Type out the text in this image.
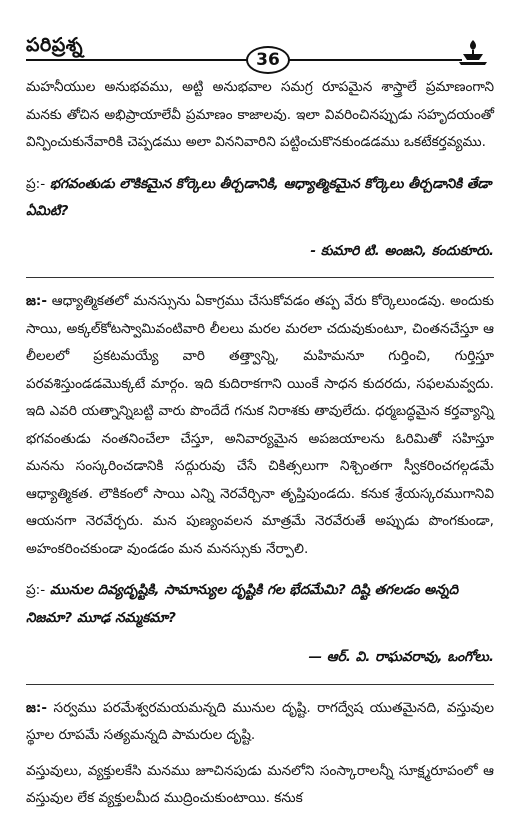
పరిప్రశ్న
36

మహనీయుల అనుభవము, అట్టి అనుభవాల సమగ్ర రూపమైన శాస్త్రాలే ప్రమాణంగాని మనకు తోచిన అభిప్రాయాలేవీ ప్రమాణం కాజాలవు. ఇలా వివరించినప్పుడు సహృదయంతో విన్పించుకునేవారికి చెప్పడము అలా విననివారిని పట్టించుకొనకుండడము ఒకటేకర్తవ్యము.

ప్ర:- భగవంతుడు లౌకికమైన కోర్కెలు తీర్చడానికి, ఆధ్యాత్మికమైన కోర్కెలు తీర్చడానికి తేడా ఏమిటి?

- కుమారి టి. అంజని, కందుకూరు.

జ:- ఆధ్యాత్మికతలో మనస్సును ఏకాగ్రము చేసుకోవడం తప్ప వేరు కోర్కెలుండవు. అందుకు సాయి, అక్కల్‌కోటస్వామివంటివారి లీలలు మరల మరలా చదువుకుంటూ, చింతనచేస్తూ ఆ లీలలలో ప్రకటమయ్యే వారి తత్త్వాన్ని, మహిమనూ గుర్తించి, గుర్తిస్తూ పరవశిస్తుండడమొక్కటే మార్గం. ఇది కుదిరాకగాని యింకే సాధన కుదరదు, సఫలమవ్వదు. ఇది ఎవరి యత్నాన్నిబట్టి వారు పొందేదే గనుక నిరాశకు తావులేదు. ధర్మబద్ధమైన కర్తవ్యాన్ని భగవంతుడు నంతనించేలా చేస్తూ, అనివార్యమైన అపజయాలను ఓరిమితో సహిస్తూ మనను సంస్కరించడానికి సద్గురువు చేసే చికిత్సలుగా నిశ్చింతగా స్వీకరించగల్గడమే ఆధ్యాత్మికత. లౌకికంలో సాయి ఎన్ని నెరవేర్చినా తృప్తిపుండదు. కనుక శ్రేయస్కరముగానివి ఆయనగా నెరవేర్చరు. మన పుణ్యంవలన మాత్రమే నెరవేరుతే అప్పుడు పొంగకుండా, అహంకరించకుండా వుండడం మన మనస్సుకు నేర్పాలి.

ప్ర:- మునుల దివ్యదృష్టికి, సామాన్యుల దృష్టికి గల భేదమేమి? దిష్టి తగలడం అన్నది నిజమా? మూఢ నమ్మకమా?

— ఆర్. వి. రాఘవరావు, ఒంగోలు.

జ:- సర్వము పరమేశ్వరమయమన్నది మునుల దృష్టి. రాగద్వేష యుతమైనది, వస్తువుల స్థూల రూపమే సత్యమన్నది పామరుల దృష్టి.

వస్తువులు, వ్యక్తులకేసి మనము జూచినపుడు మనలోని సంస్కారాలన్నీ సూక్ష్మరూపంలో ఆ వస్తువుల లేక వ్యక్తులమీద ముద్రించుకుంటాయి. కనుక
